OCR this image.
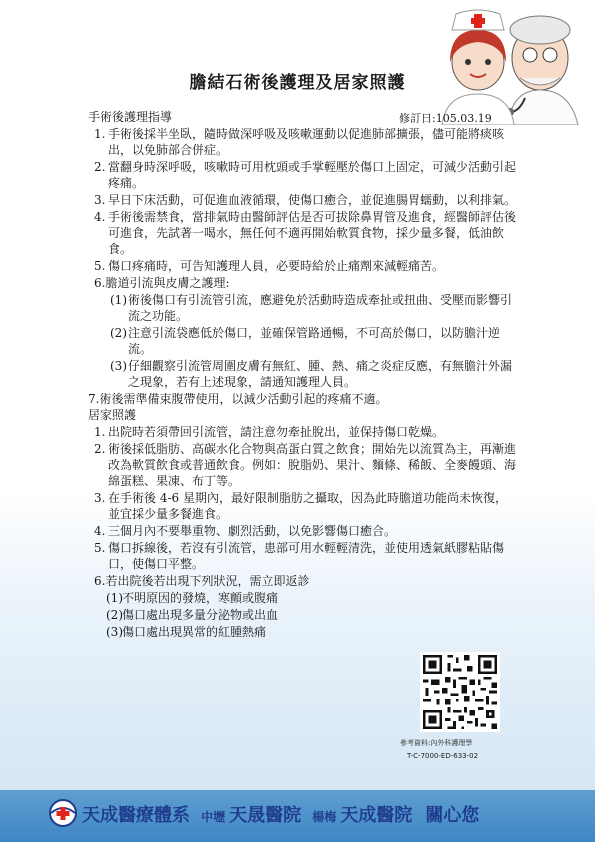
膽結石術後護理及居家照護
修訂日:105.03.19
手術後護理指導
1. 手術後採半坐臥，隨時做深呼吸及咳嗽運動以促進肺部擴張，儘可能將痰咳出，以免肺部合併症。
2. 當翻身時深呼吸，咳嗽時可用枕頭或手掌輕壓於傷口上固定，可減少活動引起疼痛。
3. 早日下床活動，可促進血液循環，使傷口癒合，並促進腸胃蠕動，以利排氣。
4. 手術後需禁食，當排氣時由醫師評估是否可拔除鼻胃管及進食，經醫師評估後可進食，先試著一喝水，無任何不適再開始軟質食物，採少量多餐，低油飲食。
5. 傷口疼痛時，可告知護理人員，必要時給於止痛劑來減輕痛苦。
6.膽道引流與皮膚之護理:
(1) 術後傷口有引流管引流，應避免於活動時造成牽扯或扭曲、受壓而影響引流之功能。
(2) 注意引流袋應低於傷口，並確保管路通暢，不可高於傷口，以防膽汁逆流。
(3) 仔細觀察引流管周圍皮膚有無紅、腫、熱、痛之炎症反應，有無膽汁外漏之現象，若有上述現象，請通知護理人員。
7.術後需準備束腹帶使用，以減少活動引起的疼痛不適。
居家照護
1. 出院時若須帶回引流管，請注意勿牽扯脫出，並保持傷口乾燥。
2. 術後採低脂肪、高碳水化合物與高蛋白質之飲食；開始先以流質為主，再漸進改為軟質飲食或普通飲食。例如：脫脂奶、果汁、麵條、稀飯、全麥饅頭、海綿蛋糕、果凍、布丁等。
3. 在手術後 4-6 星期內，最好限制脂肪之攝取，因為此時膽道功能尚未恢復，並宜採少量多餐進食。
4. 三個月內不要舉重物、劇烈活動，以免影響傷口癒合。
5. 傷口拆線後，若沒有引流管，患部可用水輕輕清洗，並使用透氣紙膠粘貼傷口，使傷口平整。
6.若出院後若出現下列狀況，需立即返診
(1) 不明原因的發燒，寒顫或腹痛
(2) 傷口處出現多量分泌物或出血
(3) 傷口處出現異常的紅腫熱痛
參考資料:內外科護理學
T-C-7000-ED-633-02
天成醫療體系 中壢 天晟醫院 楊梅 天成醫院 關心您
